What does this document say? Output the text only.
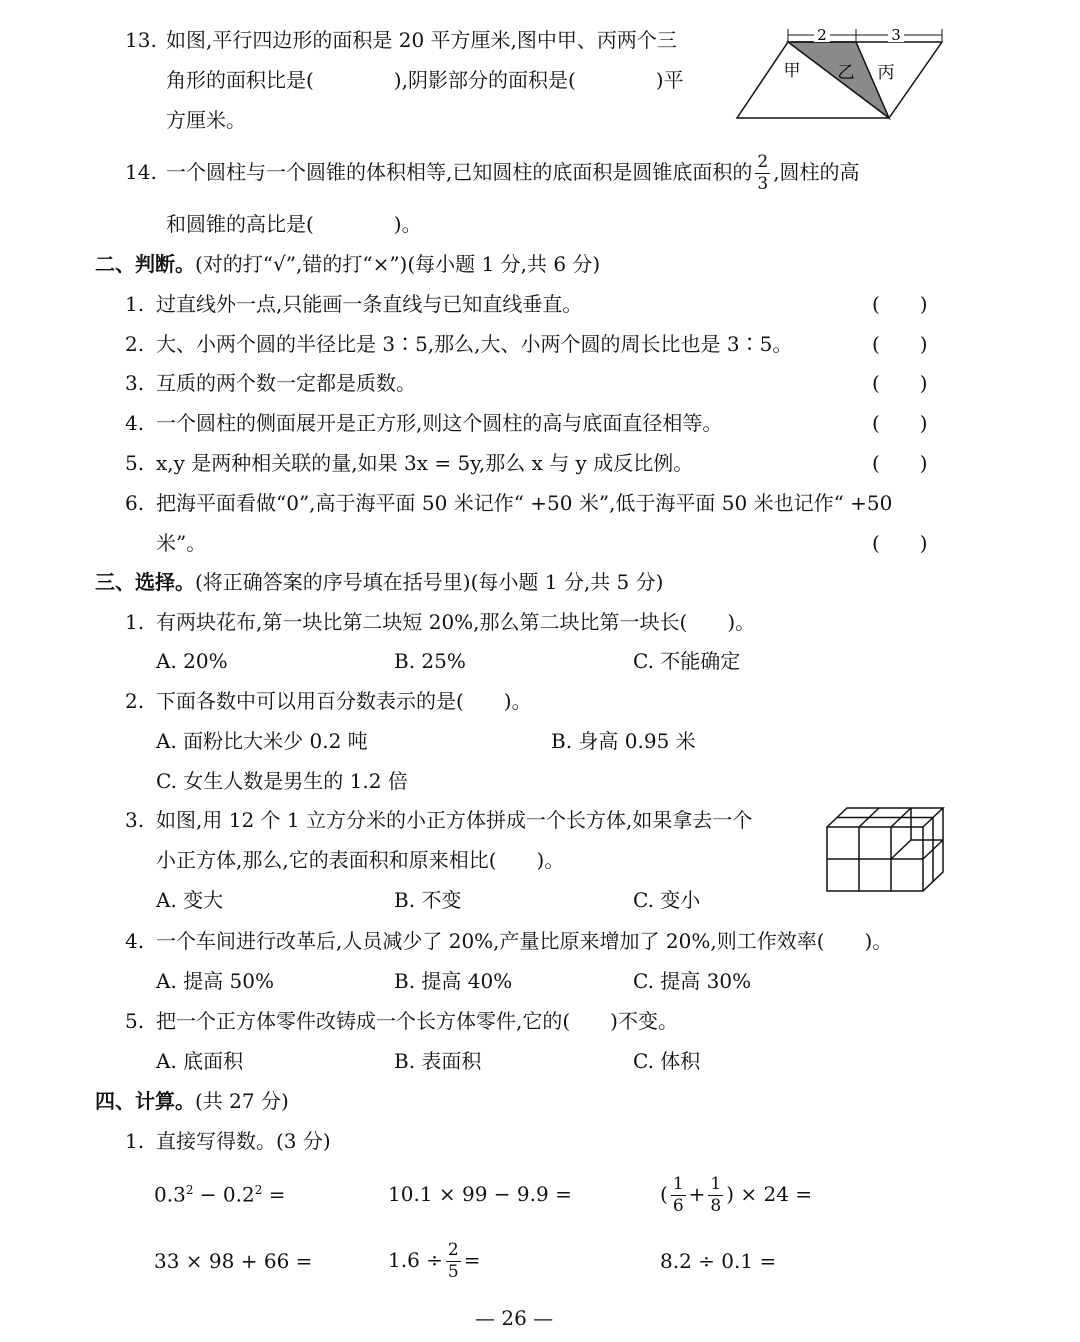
13. 如图,平行四边形的面积是 20 平方厘米,图中甲、丙两个三
角形的面积比是(　　　　),阴影部分的面积是(　　　　)平
方厘米。
2	3
甲 乙 丙
14. 一个圆柱与一个圆锥的体积相等,已知圆柱的底面积是圆锥底面积的 $\frac{2}{3}$ ,圆柱的高
和圆锥的高比是(　　　　)。
二、判断。(对的打“√”,错的打“×”)(每小题 1 分,共 6 分)
1. 过直线外一点,只能画一条直线与已知直线垂直。	(　　)
2. 大、小两个圆的半径比是 3∶5,那么,大、小两个圆的周长比也是 3∶5。	(　　)
3. 互质的两个数一定都是质数。	(　　)
4. 一个圆柱的侧面展开是正方形,则这个圆柱的高与底面直径相等。	(　　)
5. x,y 是两种相关联的量,如果 3x = 5y,那么 x 与 y 成反比例。	(　　)
6. 把海平面看做“0”,高于海平面 50 米记作“ +50 米”,低于海平面 50 米也记作“ +50
米”。	(　　)
三、选择。(将正确答案的序号填在括号里)(每小题 1 分,共 5 分)
1. 有两块花布,第一块比第二块短 20%,那么第二块比第一块长(　　)。
A. 20%	B. 25%	C. 不能确定
2. 下面各数中可以用百分数表示的是(　　)。
A. 面粉比大米少 0.2 吨	B. 身高 0.95 米
C. 女生人数是男生的 1.2 倍
3. 如图,用 12 个 1 立方分米的小正方体拼成一个长方体,如果拿去一个
小正方体,那么,它的表面积和原来相比(　　)。
A. 变大	B. 不变	C. 变小
4. 一个车间进行改革后,人员减少了 20%,产量比原来增加了 20%,则工作效率(　　)。
A. 提高 50%	B. 提高 40%	C. 提高 30%
5. 把一个正方体零件改铸成一个长方体零件,它的(　　)不变。
A. 底面积	B. 表面积	C. 体积
四、计算。(共 27 分)
1. 直接写得数。(3 分)
$0.3^2 - 0.2^2$ =	10.1 × 99 − 9.9 =	( $\frac{1}{6} + \frac{1}{8}$ ) × 24 =
33 × 98 + 66 =	$1.6 \div \frac{2}{5}$ =	8.2 ÷ 0.1 =
— 26 —
